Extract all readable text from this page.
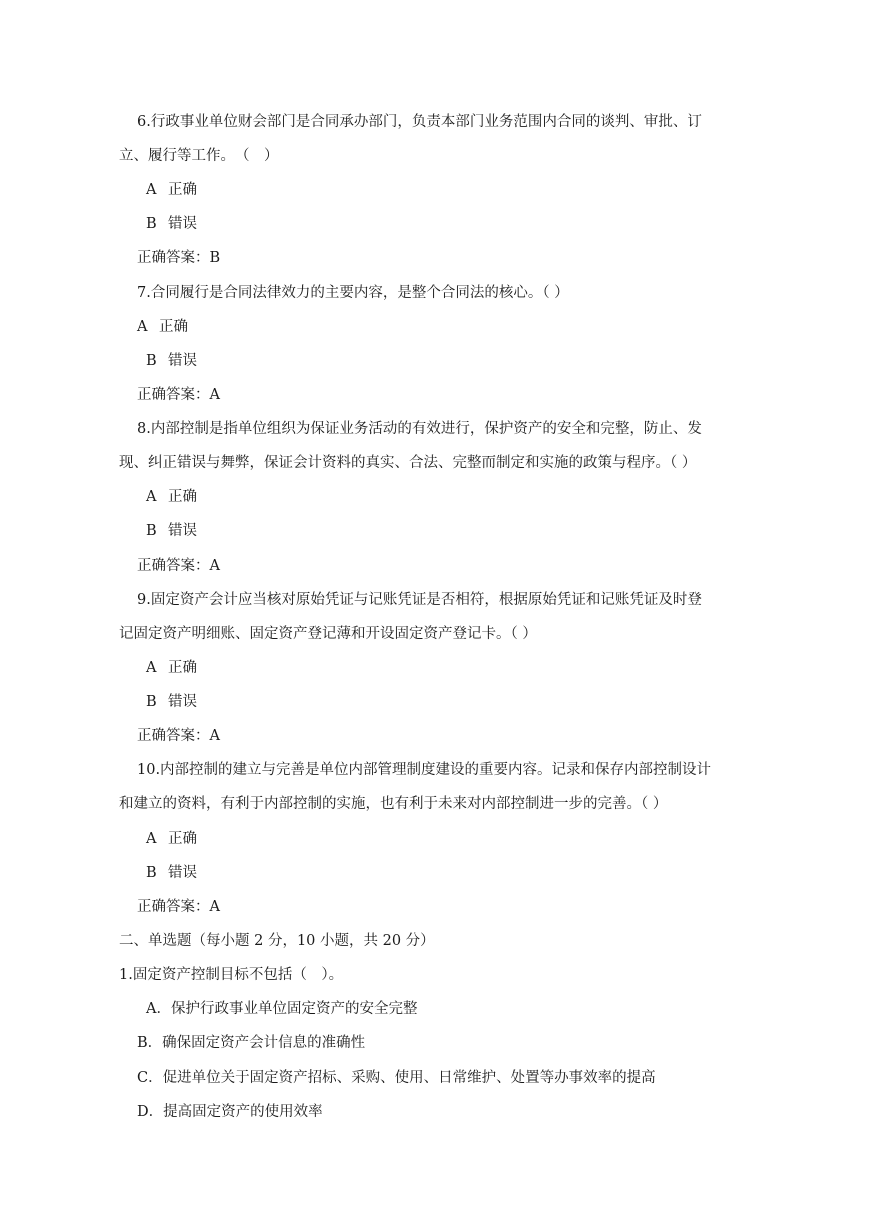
6.行政事业单位财会部门是合同承办部门，负责本部门业务范围内合同的谈判、审批、订

立、履行等工作。　（　）

A 正确

B 错误

正确答案：B

7.合同履行是合同法律效力的主要内容，是整个合同法的核心。（ ）

A 正确

B 错误

正确答案：A

8.内部控制是指单位组织为保证业务活动的有效进行，保护资产的安全和完整，防止、发

现、纠正错误与舞弊，保证会计资料的真实、合法、完整而制定和实施的政策与程序。（ ）

A 正确

B 错误

正确答案：A

9.固定资产会计应当核对原始凭证与记账凭证是否相符，根据原始凭证和记账凭证及时登

记固定资产明细账、固定资产登记薄和开设固定资产登记卡。（ ）

A 正确

B 错误

正确答案：A

10.内部控制的建立与完善是单位内部管理制度建设的重要内容。记录和保存内部控制设计

和建立的资料，有利于内部控制的实施，也有利于未来对内部控制进一步的完善。（ ）

A 正确

B 错误

正确答案：A

二、单选题（每小题 2 分，10 小题，共 20 分）

1.固定资产控制目标不包括（　）。

A．保护行政事业单位固定资产的安全完整

B．确保固定资产会计信息的准确性

C．促进单位关于固定资产招标、采购、使用、日常维护、处置等办事效率的提高

D．提高固定资产的使用效率
